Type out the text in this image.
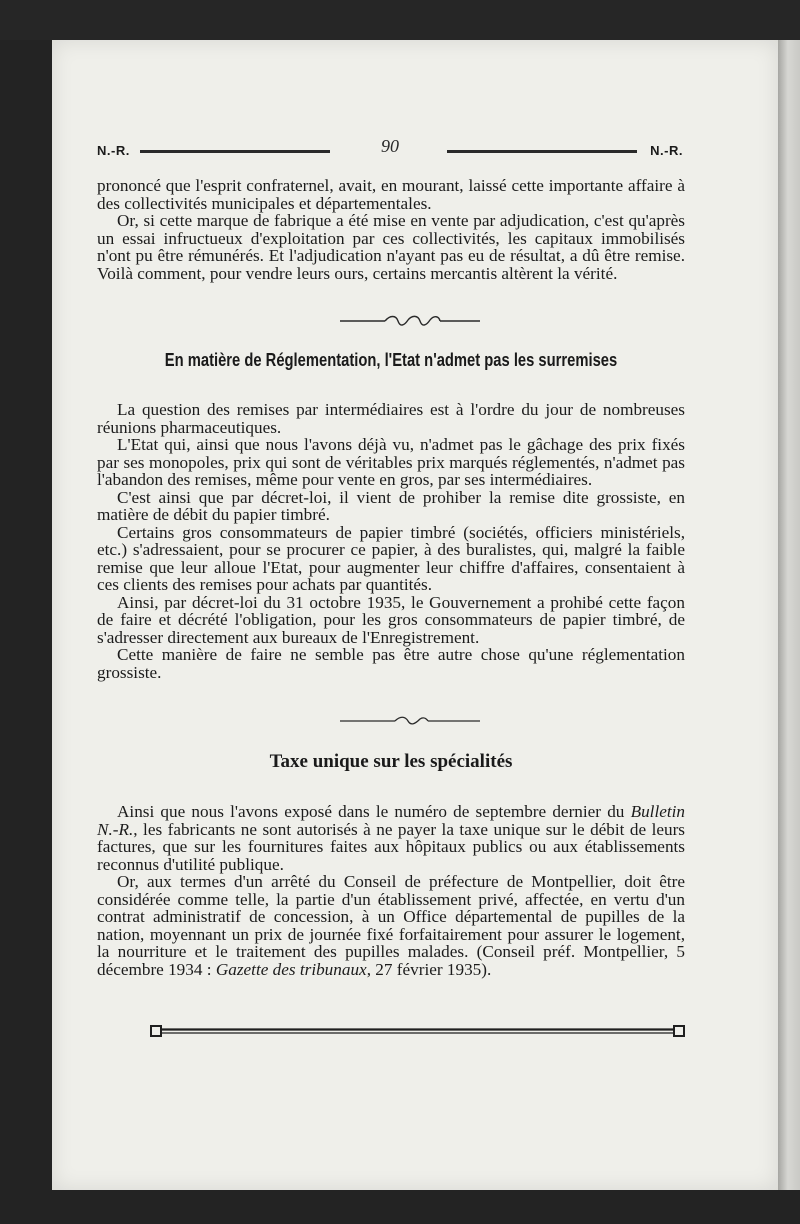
N.-R.	90	N.-R.

prononcé que l'esprit confraternel, avait, en mourant, laissé cette importante affaire à des collectivités municipales et départementales.

Or, si cette marque de fabrique a été mise en vente par adjudication, c'est qu'après un essai infructueux d'exploitation par ces collectivités, les capitaux immobilisés n'ont pu être rémunérés. Et l'adjudication n'ayant pas eu de résultat, a dû être remise. Voilà comment, pour vendre leurs ours, certains mercantis altèrent la vérité.

En matière de Réglementation, l'Etat n'admet pas les surremises

La question des remises par intermédiaires est à l'ordre du jour de nombreuses réunions pharmaceutiques.

L'Etat qui, ainsi que nous l'avons déjà vu, n'admet pas le gâchage des prix fixés par ses monopoles, prix qui sont de véritables prix marqués réglementés, n'admet pas l'abandon des remises, même pour vente en gros, par ses intermédiaires.

C'est ainsi que par décret-loi, il vient de prohiber la remise dite grossiste, en matière de débit du papier timbré.

Certains gros consommateurs de papier timbré (sociétés, officiers ministériels, etc.) s'adressaient, pour se procurer ce papier, à des buralistes, qui, malgré la faible remise que leur alloue l'Etat, pour augmenter leur chiffre d'affaires, consentaient à ces clients des remises pour achats par quantités.

Ainsi, par décret-loi du 31 octobre 1935, le Gouvernement a prohibé cette façon de faire et décrété l'obligation, pour les gros consommateurs de papier timbré, de s'adresser directement aux bureaux de l'Enregistrement.

Cette manière de faire ne semble pas être autre chose qu'une réglementation grossiste.

Taxe unique sur les spécialités

Ainsi que nous l'avons exposé dans le numéro de septembre dernier du Bulletin N.-R., les fabricants ne sont autorisés à ne payer la taxe unique sur le débit de leurs factures, que sur les fournitures faites aux hôpitaux publics ou aux établissements reconnus d'utilité publique.

Or, aux termes d'un arrêté du Conseil de préfecture de Montpellier, doit être considérée comme telle, la partie d'un établissement privé, affectée, en vertu d'un contrat administratif de concession, à un Office départemental de pupilles de la nation, moyennant un prix de journée fixé forfaitairement pour assurer le logement, la nourriture et le traitement des pupilles malades. (Conseil préf. Montpellier, 5 décembre 1934 : Gazette des tribunaux, 27 février 1935).
